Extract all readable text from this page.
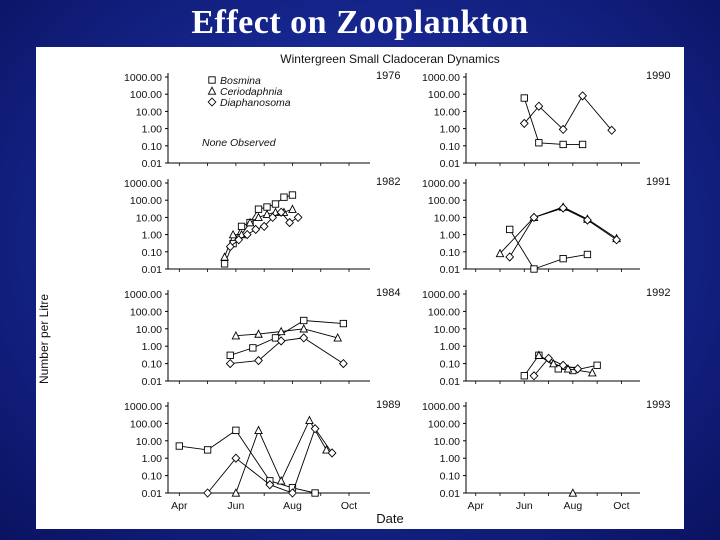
Effect on Zooplankton
Wintergreen Small Cladoceran Dynamics
Date
1000.00
100.00
10.00
1.00
0.10
0.01
1976
None Observed
Bosmina
Ceriodaphnia
Diaphanosoma
1000.00
100.00
10.00
1.00
0.10
0.01
1990
1000.00
100.00
10.00
1.00
0.10
0.01
1982 1000.00
100.00
10.00
1.00
0.10
0.01
1991
1000.00
100.00
10.00
1.00
0.10
0.01
1984 1000.00
100.00
10.00
1.00
0.10
0.01
1992
1000.00
100.00
10.00
1.00
0.10
0.01
Apr	Jun	Aug	Oct
1989 1000.00
100.00
10.00
1.00
0.10
0.01
Apr	Jun	Aug	Oct
1993
Number per Litre
